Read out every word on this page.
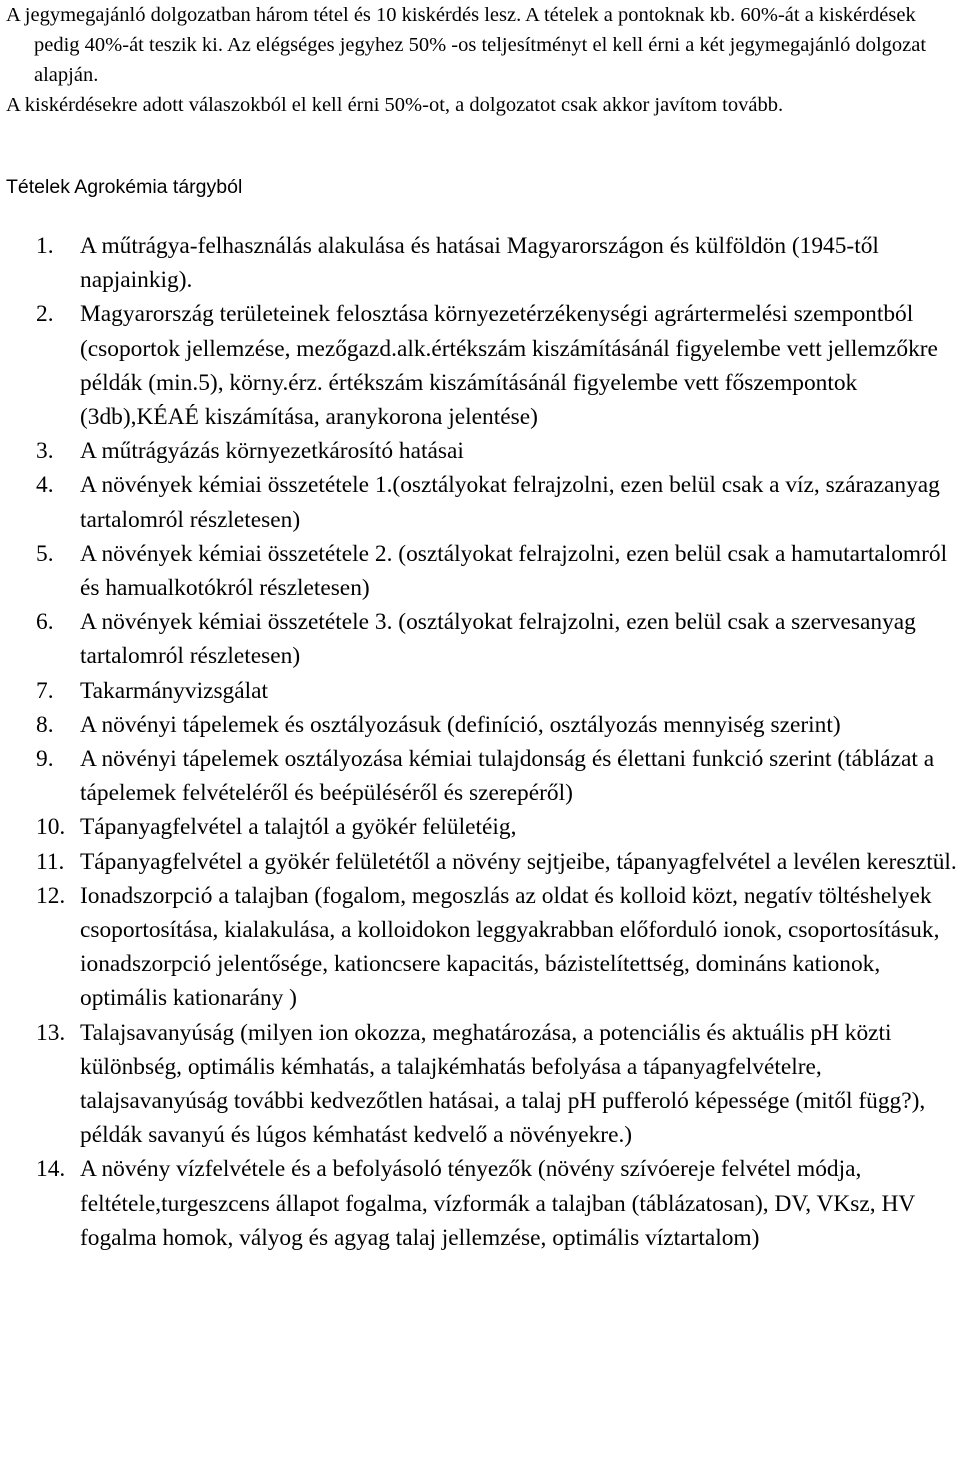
A jegymegajánló dolgozatban három tétel és 10 kiskérdés lesz. A tételek a pontoknak kb. 60%-át a kiskérdések pedig 40%-át teszik ki. Az elégséges jegyhez 50% -os teljesítményt el kell érni a két jegymegajánló dolgozat alapján.

A kiskérdésekre adott válaszokból el kell érni 50%-ot, a dolgozatot csak akkor javítom tovább.

Tételek Agrokémia tárgyból
1.	A műtrágya-felhasználás alakulása és hatásai Magyarországon és külföldön (1945-től napjainkig).
2.	Magyarország területeinek felosztása környezetérzékenységi agrártermelési szempontból (csoportok jellemzése, mezőgazd.alk.értékszám kiszámításánál figyelembe vett jellemzőkre példák (min.5), körny.érz. értékszám kiszámításánál figyelembe vett főszempontok (3db),KÉAÉ kiszámítása, aranykorona jelentése)
3.	A műtrágyázás környezetkárosító hatásai
4.	A növények kémiai összetétele 1.(osztályokat felrajzolni, ezen belül csak a víz, szárazanyag tartalomról részletesen)
5.	A növények kémiai összetétele 2. (osztályokat felrajzolni, ezen belül csak a hamutartalomról és hamualkotókról részletesen)
6.	A növények kémiai összetétele 3. (osztályokat felrajzolni, ezen belül csak a szervesanyag tartalomról részletesen)
7.	Takarmányvizsgálat
8.	A növényi tápelemek és osztályozásuk (definíció, osztályozás mennyiség szerint)
9.	A növényi tápelemek osztályozása kémiai tulajdonság és élettani funkció szerint (táblázat a tápelemek felvételéről és beépüléséről és szerepéről)
10. Tápanyagfelvétel a talajtól a gyökér felületéig,
11. Tápanyagfelvétel a gyökér felületétől a növény sejtjeibe, tápanyagfelvétel a levélen keresztül.
12. Ionadszorpció a talajban (fogalom, megoszlás az oldat és kolloid közt, negatív töltéshelyek csoportosítása, kialakulása, a kolloidokon leggyakrabban előforduló ionok, csoportosításuk, ionadszorpció jelentősége, kationcsere kapacitás, bázistelítettség, domináns kationok, optimális kationarány )
13. Talajsavanyúság (milyen ion okozza, meghatározása, a potenciális és aktuális pH közti különbség, optimális kémhatás, a talajkémhatás befolyása a tápanyagfelvételre, talajsavanyúság további kedvezőtlen hatásai, a talaj pH pufferoló képessége (mitől függ?), példák savanyú és lúgos kémhatást kedvelő a növényekre.)
14. A növény vízfelvétele és a befolyásoló tényezők (növény szívóereje felvétel módja, feltétele,turgeszcens állapot fogalma, vízformák a talajban (táblázatosan), DV, VKsz, HV fogalma homok, vályog és agyag talaj jellemzése, optimális víztartalom)
